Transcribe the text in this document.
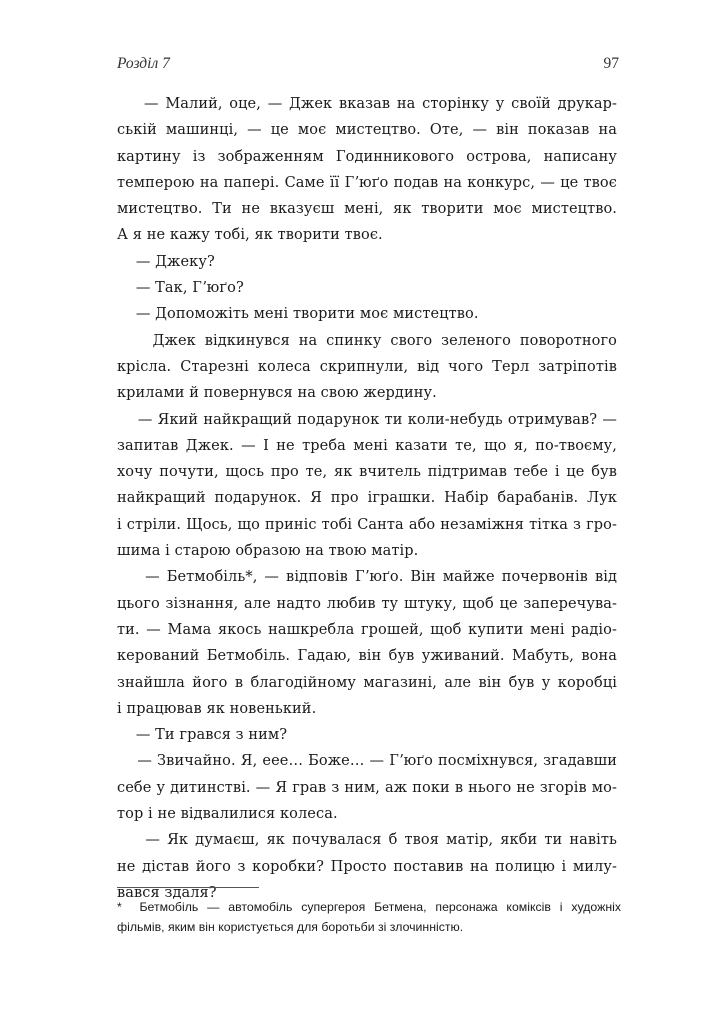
Розділ 7	97

— Малий, оце, — Джек вказав на сторінку у своїй друкар-
ській машинці, — це моє мистецтво. Оте, — він показав на
картину із зображенням Годинникового острова, написану
темперою на папері. Саме її Гʼюґо подав на конкурс, — це твоє
мистецтво. Ти не вказуєш мені, як творити моє мистецтво.
А я не кажу тобі, як творити твоє.

— Джеку?

— Так, Гʼюґо?

— Допоможіть мені творити моє мистецтво.

Джек відкинувся на спинку свого зеленого поворотного
крісла. Старезні колеса скрипнули, від чого Терл затріпотів
крилами й повернувся на свою жердину.

— Який найкращий подарунок ти коли-небудь отримував? —
запитав Джек. — І не треба мені казати те, що я, по-твоєму,
хочу почути, щось про те, як вчитель підтримав тебе і це був
найкращий подарунок. Я про іграшки. Набір барабанів. Лук
і стріли. Щось, що приніс тобі Санта або незаміжня тітка з гро-
шима і старою образою на твою матір.

— Бетмобіль*, — відповів Гʼюґо. Він майже почервонів від
цього зізнання, але надто любив ту штуку, щоб це заперечува-
ти. — Мама якось нашкребла грошей, щоб купити мені радіо-
керований Бетмобіль. Гадаю, він був уживаний. Мабуть, вона
знайшла його в благодійному магазині, але він був у коробці
і працював як новенький.

— Ти грався з ним?

— Звичайно. Я, еее… Боже… — Гʼюґо посміхнувся, згадавши
себе у дитинстві. — Я грав з ним, аж поки в нього не згорів мо-
тор і не відвалилися колеса.

— Як думаєш, як почувалася б твоя матір, якби ти навіть
не дістав його з коробки? Просто поставив на полицю і милу-
вався здаля?

*  Бетмобіль — автомобіль супергероя Бетмена, персонажа коміксів і художніх
фільмів, яким він користується для боротьби зі злочинністю.
